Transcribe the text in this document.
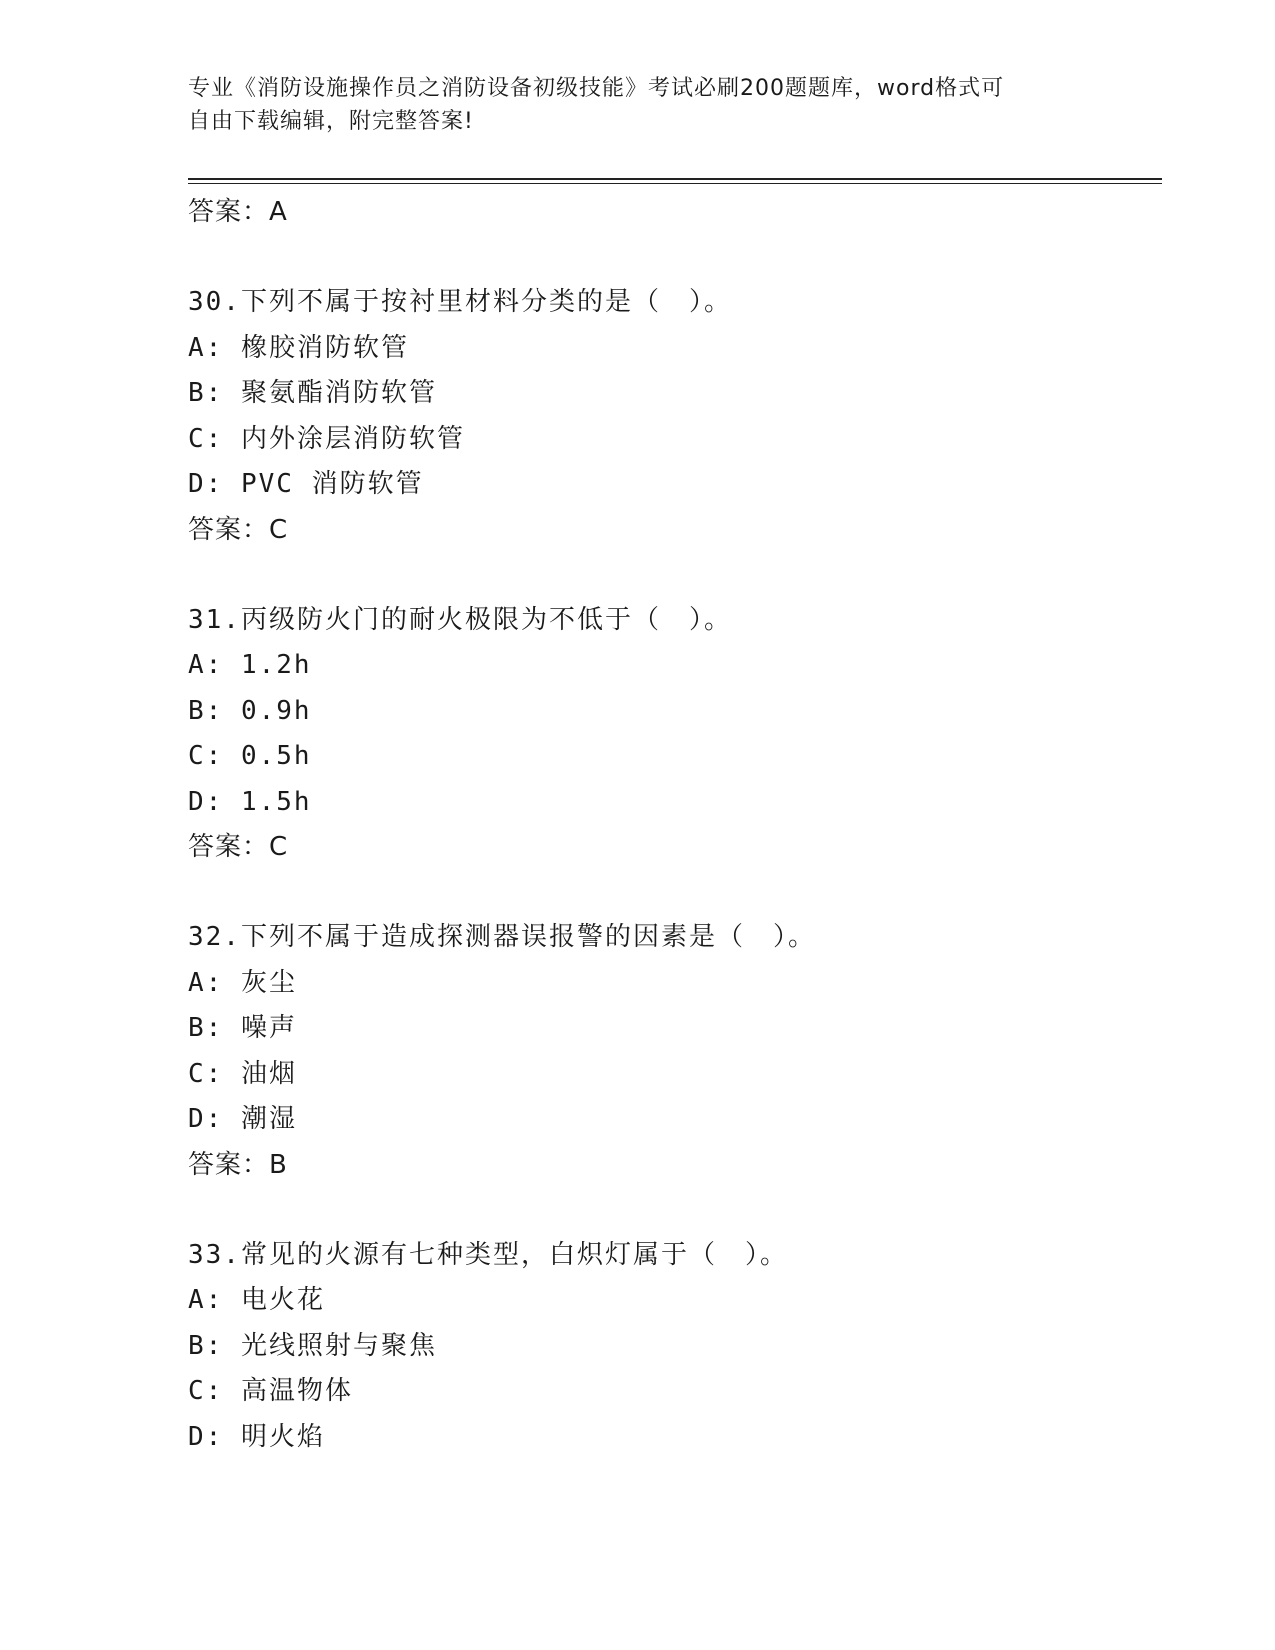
专业《消防设施操作员之消防设备初级技能》考试必刷200题题库，word格式可
自由下载编辑，附完整答案!
答案：A
30.下列不属于按衬里材料分类的是（　）。
A: 橡胶消防软管
B: 聚氨酯消防软管
C: 内外涂层消防软管
D: PVC 消防软管
答案：C
31.丙级防火门的耐火极限为不低于（　）。
A: 1.2h
B: 0.9h
C: 0.5h
D: 1.5h
答案：C
32.下列不属于造成探测器误报警的因素是（　）。
A: 灰尘
B: 噪声
C: 油烟
D: 潮湿
答案：B
33.常见的火源有七种类型，白炽灯属于（　）。
A: 电火花
B: 光线照射与聚焦
C: 高温物体
D: 明火焰
